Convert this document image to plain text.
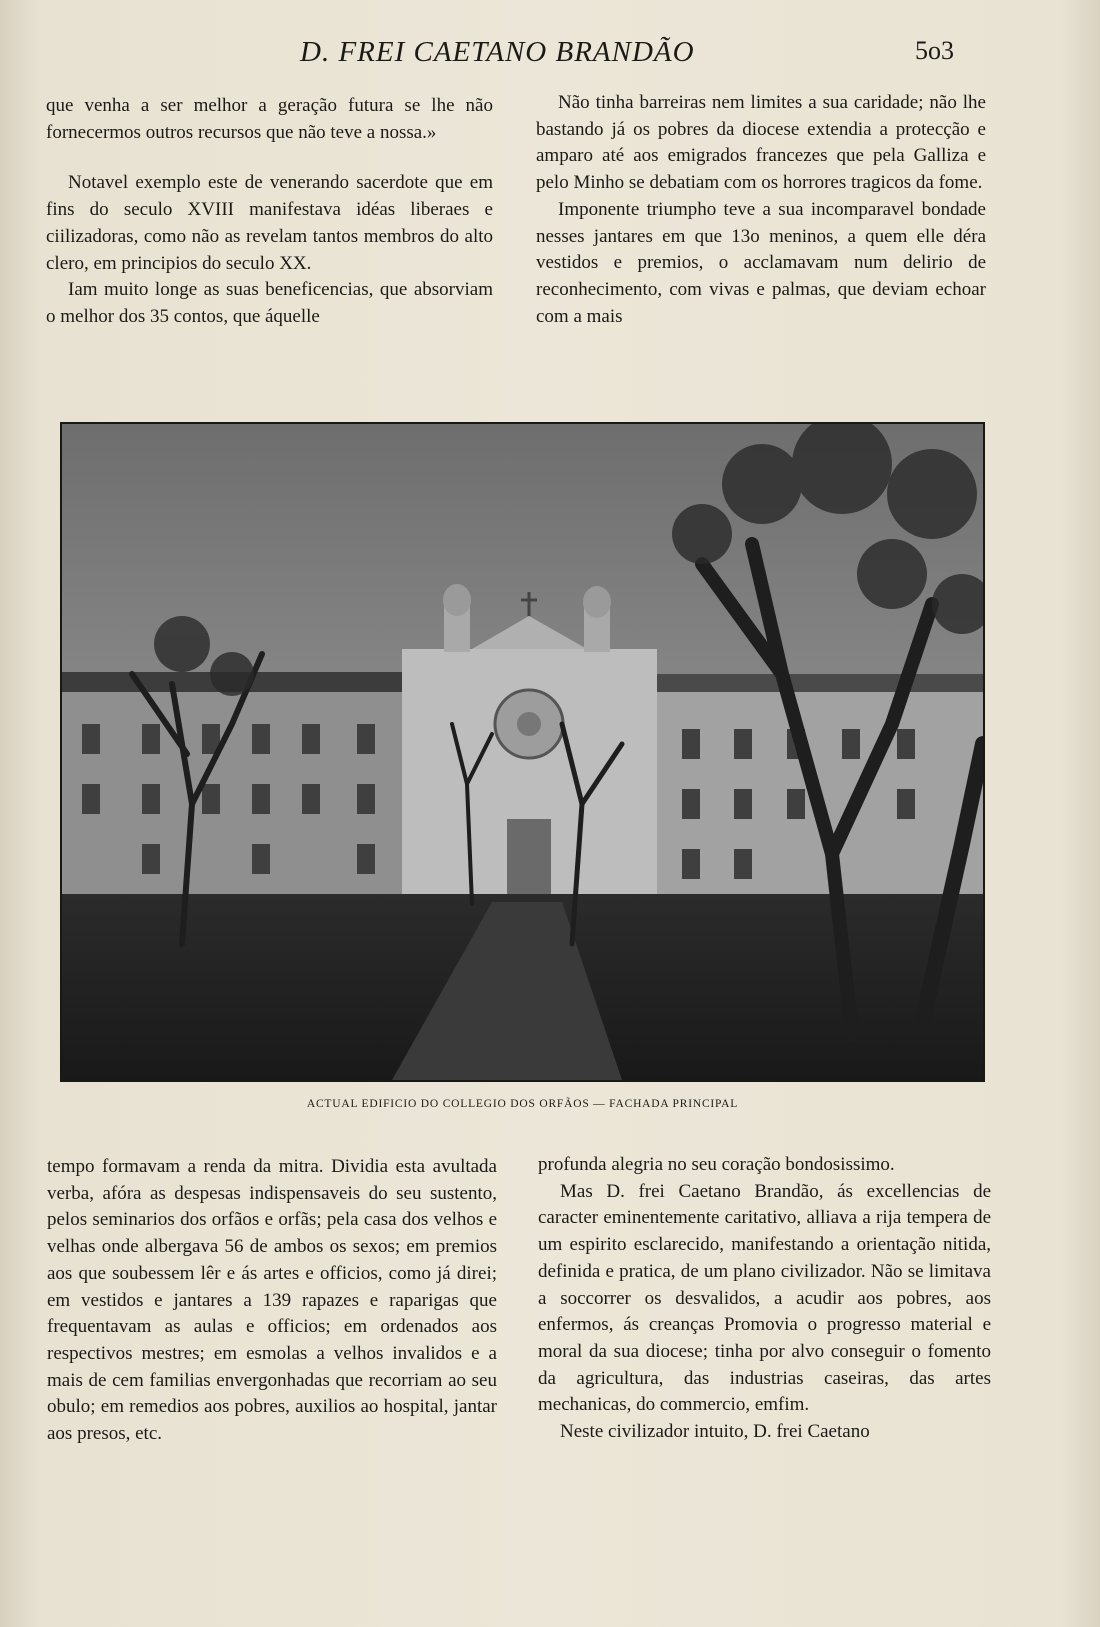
D. FREI CAETANO BRANDÃO	5o3

que venha a ser melhor a geração futura se lhe não fornecermos outros recursos que não teve a nossa.»

Notavel exemplo este de venerando sacerdote que em fins do seculo XVIII manifestava idéas liberaes e ciilizadoras, como não as revelam tantos membros do alto clero, em principios do seculo XX.

Iam muito longe as suas beneficencias, que absorviam o melhor dos 35 contos, que áquelle

Não tinha barreiras nem limites a sua caridade; não lhe bastando já os pobres da diocese extendia a protecção e amparo até aos emigrados francezes que pela Galliza e pelo Minho se debatiam com os horrores tragicos da fome.

Imponente triumpho teve a sua incomparavel bondade nesses jantares em que 13o meninos, a quem elle déra vestidos e premios, o acclamavam num delirio de reconhecimento, com vivas e palmas, que deviam echoar com a mais

ACTUAL EDIFICIO DO COLLEGIO DOS ORFÃOS — FACHADA PRINCIPAL

tempo formavam a renda da mitra. Dividia esta avultada verba, afóra as despesas indispensaveis do seu sustento, pelos seminarios dos orfãos e orfãs; pela casa dos velhos e velhas onde albergava 56 de ambos os sexos; em premios aos que soubessem lêr e ás artes e officios, como já direi; em vestidos e jantares a 139 rapazes e raparigas que frequentavam as aulas e officios; em ordenados aos respectivos mestres; em esmolas a velhos invalidos e a mais de cem familias envergonhadas que recorriam ao seu obulo; em remedios aos pobres, auxilios ao hospital, jantar aos presos, etc.

profunda alegria no seu coração bondosissimo.

Mas D. frei Caetano Brandão, ás excellencias de caracter eminentemente caritativo, alliava a rija tempera de um espirito esclarecido, manifestando a orientação nitida, definida e pratica, de um plano civilizador. Não se limitava a soccorrer os desvalidos, a acudir aos pobres, aos enfermos, ás creanças Promovia o progresso material e moral da sua diocese; tinha por alvo conseguir o fomento da agricultura, das industrias caseiras, das artes mechanicas, do commercio, emfim.

Neste civilizador intuito, D. frei Caetano
